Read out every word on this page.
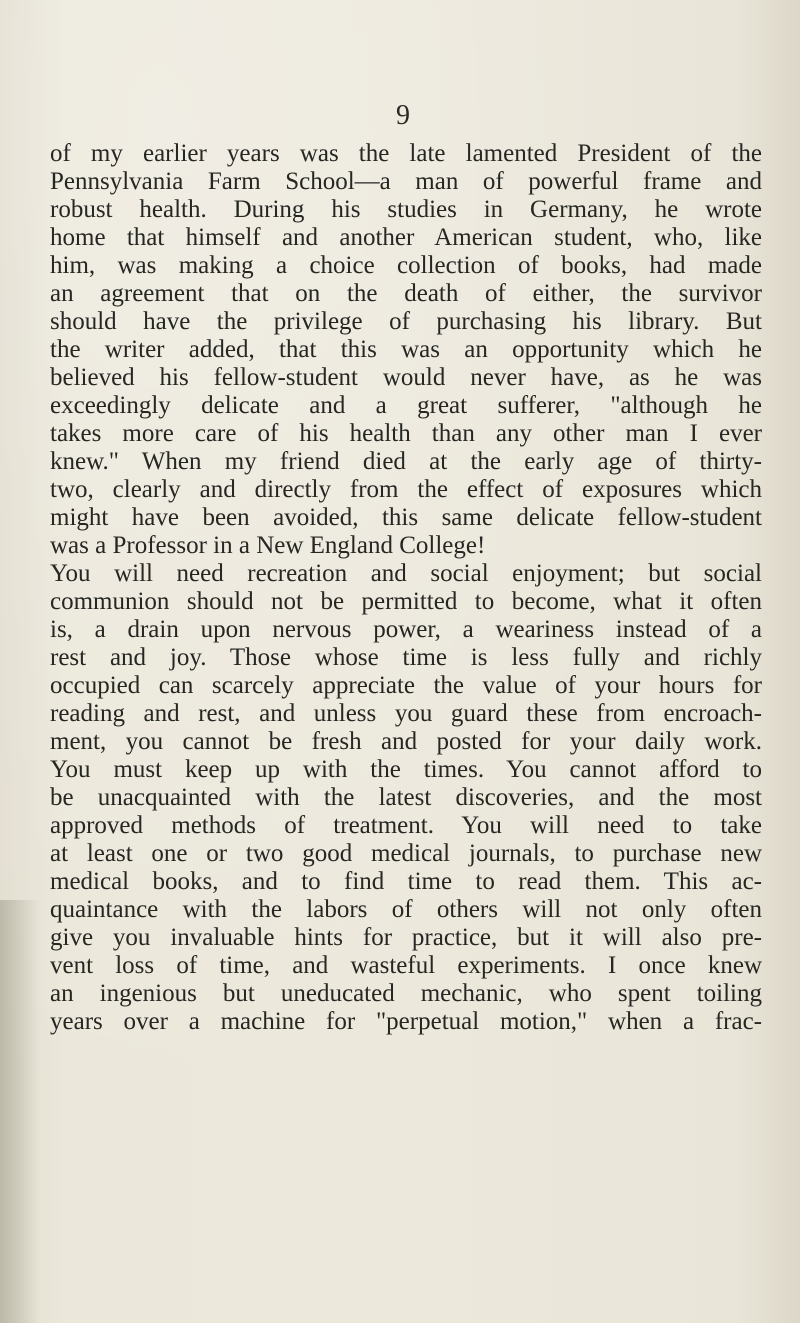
9
of my earlier years was the late lamented President of the
Pennsylvania Farm School—a man of powerful frame and
robust health. During his studies in Germany, he wrote
home that himself and another American student, who, like
him, was making a choice collection of books, had made
an agreement that on the death of either, the survivor
should have the privilege of purchasing his library. But
the writer added, that this was an opportunity which he
believed his fellow-student would never have, as he was
exceedingly delicate and a great sufferer, "although he
takes more care of his health than any other man I ever
knew." When my friend died at the early age of thirty-
two, clearly and directly from the effect of exposures which
might have been avoided, this same delicate fellow-student
was a Professor in a New England College!
You will need recreation and social enjoyment; but social
communion should not be permitted to become, what it often
is, a drain upon nervous power, a weariness instead of a
rest and joy. Those whose time is less fully and richly
occupied can scarcely appreciate the value of your hours for
reading and rest, and unless you guard these from encroach-
ment, you cannot be fresh and posted for your daily work.
You must keep up with the times. You cannot afford to
be unacquainted with the latest discoveries, and the most
approved methods of treatment. You will need to take
at least one or two good medical journals, to purchase new
medical books, and to find time to read them. This ac-
quaintance with the labors of others will not only often
give you invaluable hints for practice, but it will also pre-
vent loss of time, and wasteful experiments. I once knew
an ingenious but uneducated mechanic, who spent toiling
years over a machine for "perpetual motion," when a frac-
